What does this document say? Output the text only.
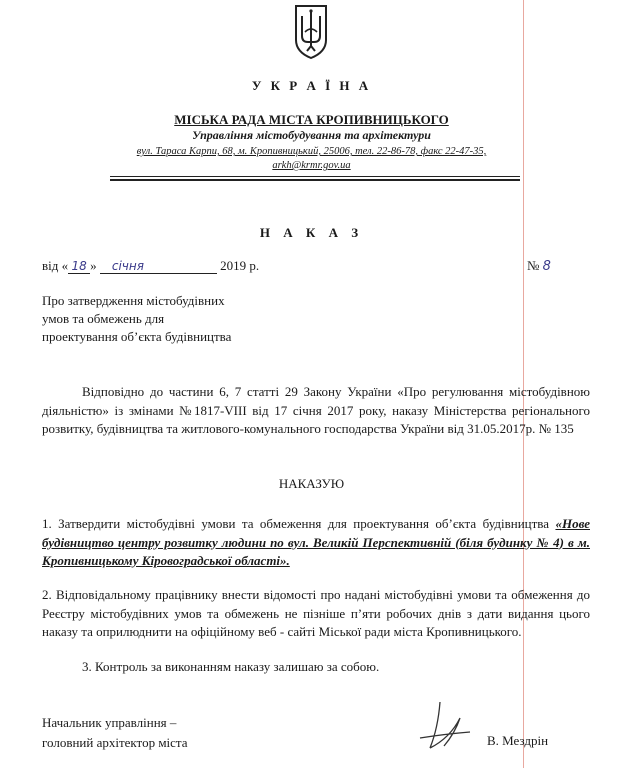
У К Р А Ї Н А
МІСЬКА РАДА МІСТА КРОПИВНИЦЬКОГО
Управління містобудування та архітектури
вул. Тараса Карпи, 68, м. Кропивницький, 25006, тел. 22-86-78, факс 22-47-35,
arkh@krmr.gov.ua
Н А К А З
від « 18 » січня	2019 р.	№ 8
Про затвердження містобудівних
умов та обмежень для
проектування об’єкта будівництва
Відповідно до частини 6, 7 статті 29 Закону України «Про регулювання містобудівною діяльністю» із змінами №1817-VIII від 17 січня 2017 року, наказу Міністерства регіонального розвитку, будівництва та житлового-комунального господарства України від 31.05.2017р. № 135
НАКАЗУЮ
1. Затвердити містобудівні умови та обмеження для проектування об’єкта будівництва «Нове будівництво центру розвитку людини по вул. Великій Перспективній (біля будинку № 4) в м. Кропивницькому Кіровоградської області».
2. Відповідальному працівнику внести відомості про надані містобудівні умови та обмеження до Реєстру містобудівних умов та обмежень не пізніше п’яти робочих днів з дати видання цього наказу та оприлюднити на офіційному веб - сайті Міської ради міста Кропивницького.
3. Контроль за виконанням наказу залишаю за собою.
Начальник управління –
головний архітектор міста	В. Мездрін
